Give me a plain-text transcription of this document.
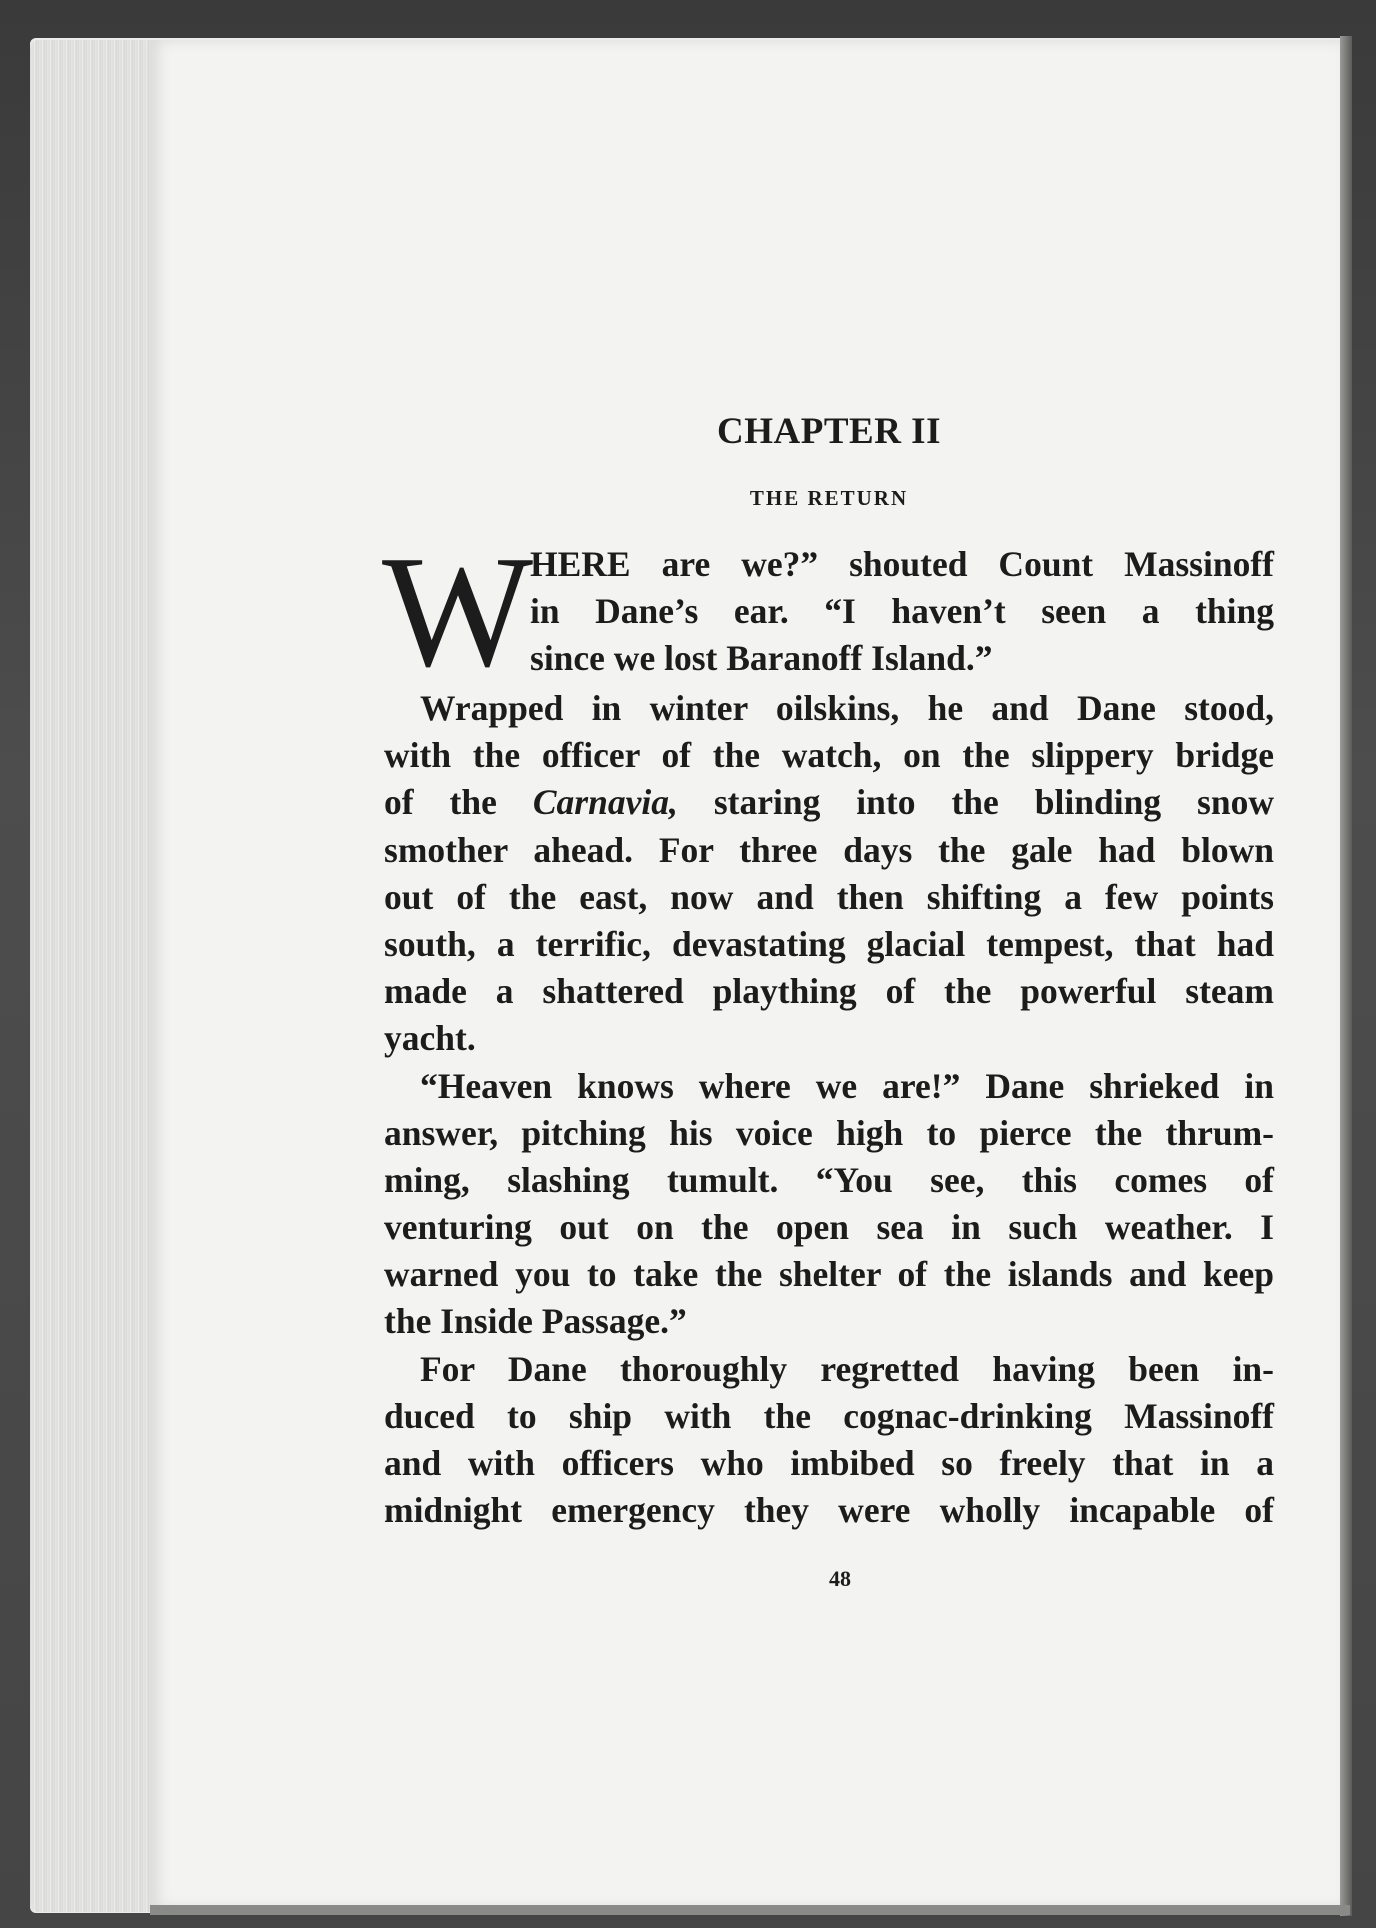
CHAPTER II
THE RETURN
W
HERE are we?” shouted Count Massinoff
in Dane’s ear. “I haven’t seen a thing
since we lost Baranoff Island.”
Wrapped in winter oilskins, he and Dane stood,
with the officer of the watch, on the slippery bridge
of the Carnavia, staring into the blinding snow
smother ahead. For three days the gale had blown
out of the east, now and then shifting a few points
south, a terrific, devastating glacial tempest, that had
made a shattered plaything of the powerful steam
yacht.
“Heaven knows where we are!” Dane shrieked in
answer, pitching his voice high to pierce the thrum-
ming, slashing tumult. “You see, this comes of
venturing out on the open sea in such weather. I
warned you to take the shelter of the islands and keep
the Inside Passage.”
For Dane thoroughly regretted having been in-
duced to ship with the cognac-drinking Massinoff
and with officers who imbibed so freely that in a
midnight emergency they were wholly incapable of
48
